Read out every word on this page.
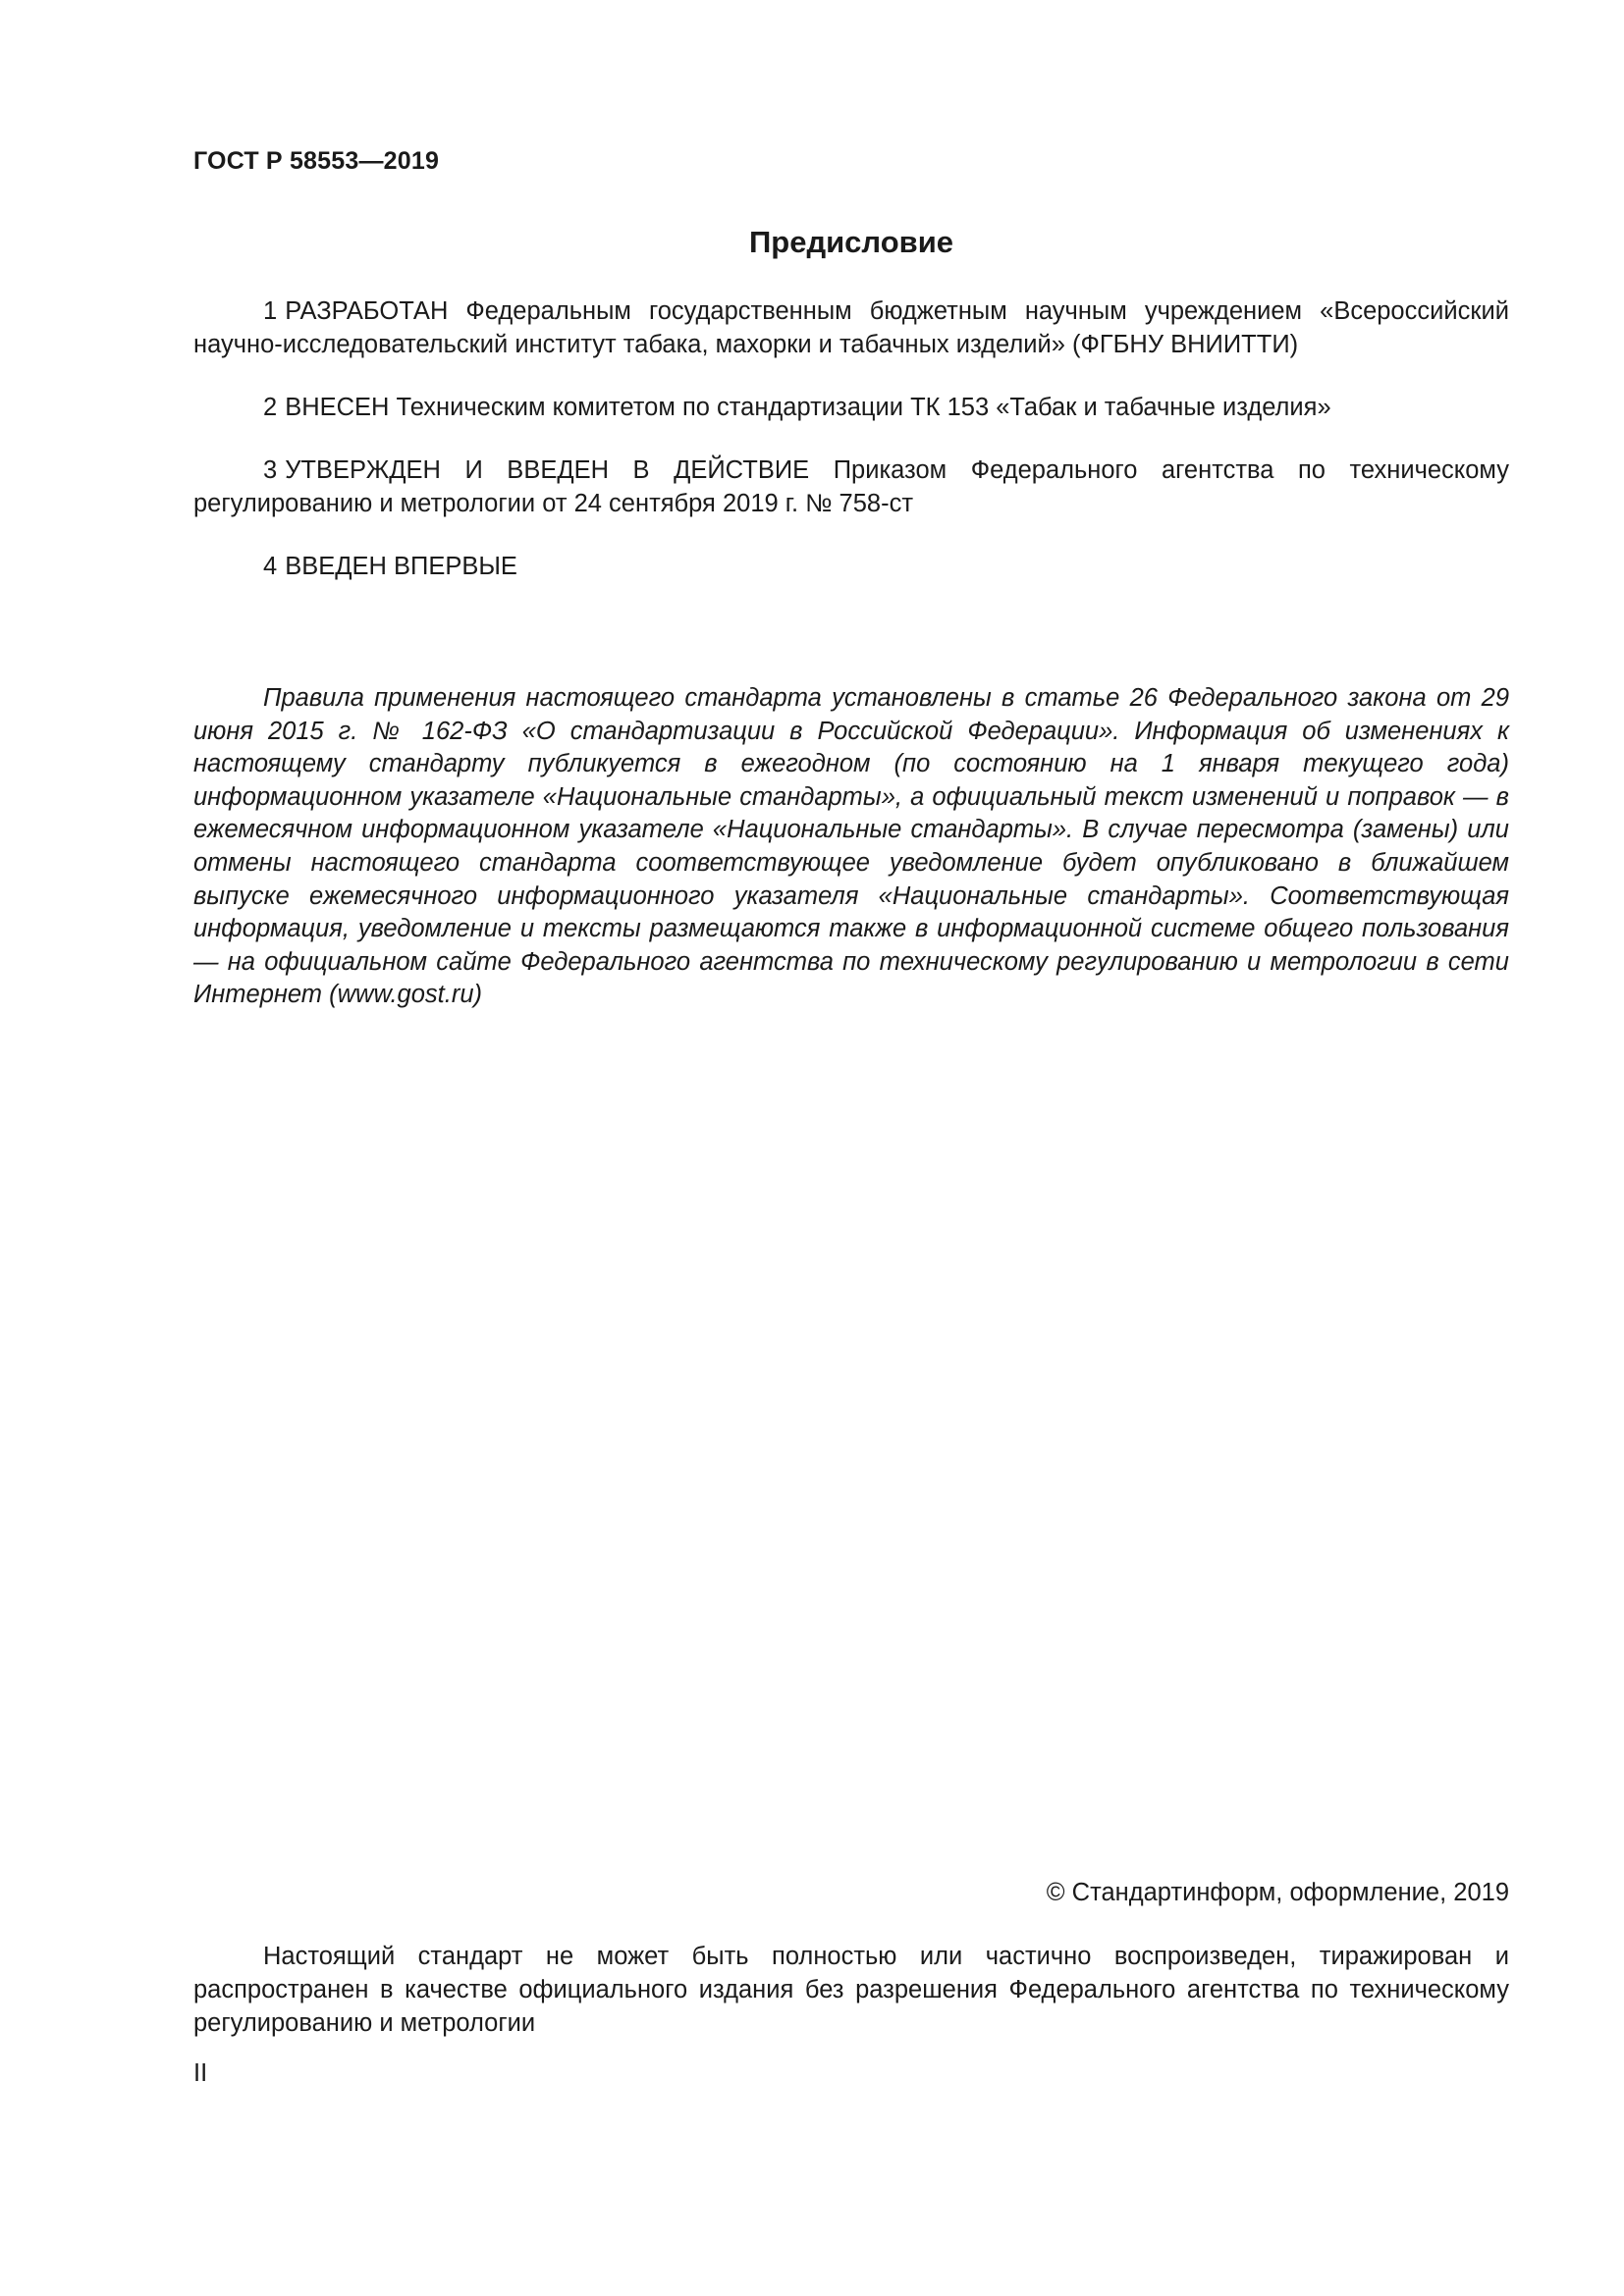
ГОСТ Р 58553—2019
Предисловие

1 РАЗРАБОТАН Федеральным государственным бюджетным научным учреждением «Всероссийский научно-исследовательский институт табака, махорки и табачных изделий» (ФГБНУ ВНИИТТИ)

2 ВНЕСЕН Техническим комитетом по стандартизации ТК 153 «Табак и табачные изделия»

3 УТВЕРЖДЕН И ВВЕДЕН В ДЕЙСТВИЕ Приказом Федерального агентства по техническому регулированию и метрологии от 24 сентября 2019 г. № 758-ст

4 ВВЕДЕН ВПЕРВЫЕ

Правила применения настоящего стандарта установлены в статье 26 Федерального закона от 29 июня 2015 г. № 162-ФЗ «О стандартизации в Российской Федерации». Информация об изменениях к настоящему стандарту публикуется в ежегодном (по состоянию на 1 января текущего года) информационном указателе «Национальные стандарты», а официальный текст изменений и поправок — в ежемесячном информационном указателе «Национальные стандарты». В случае пересмотра (замены) или отмены настоящего стандарта соответствующее уведомление будет опубликовано в ближайшем выпуске ежемесячного информационного указателя «Национальные стандарты». Соответствующая информация, уведомление и тексты размещаются также в информационной системе общего пользования — на официальном сайте Федерального агентства по техническому регулированию и метрологии в сети Интернет (www.gost.ru)

© Стандартинформ, оформление, 2019

Настоящий стандарт не может быть полностью или частично воспроизведен, тиражирован и распространен в качестве официального издания без разрешения Федерального агентства по техническому регулированию и метрологии

II
